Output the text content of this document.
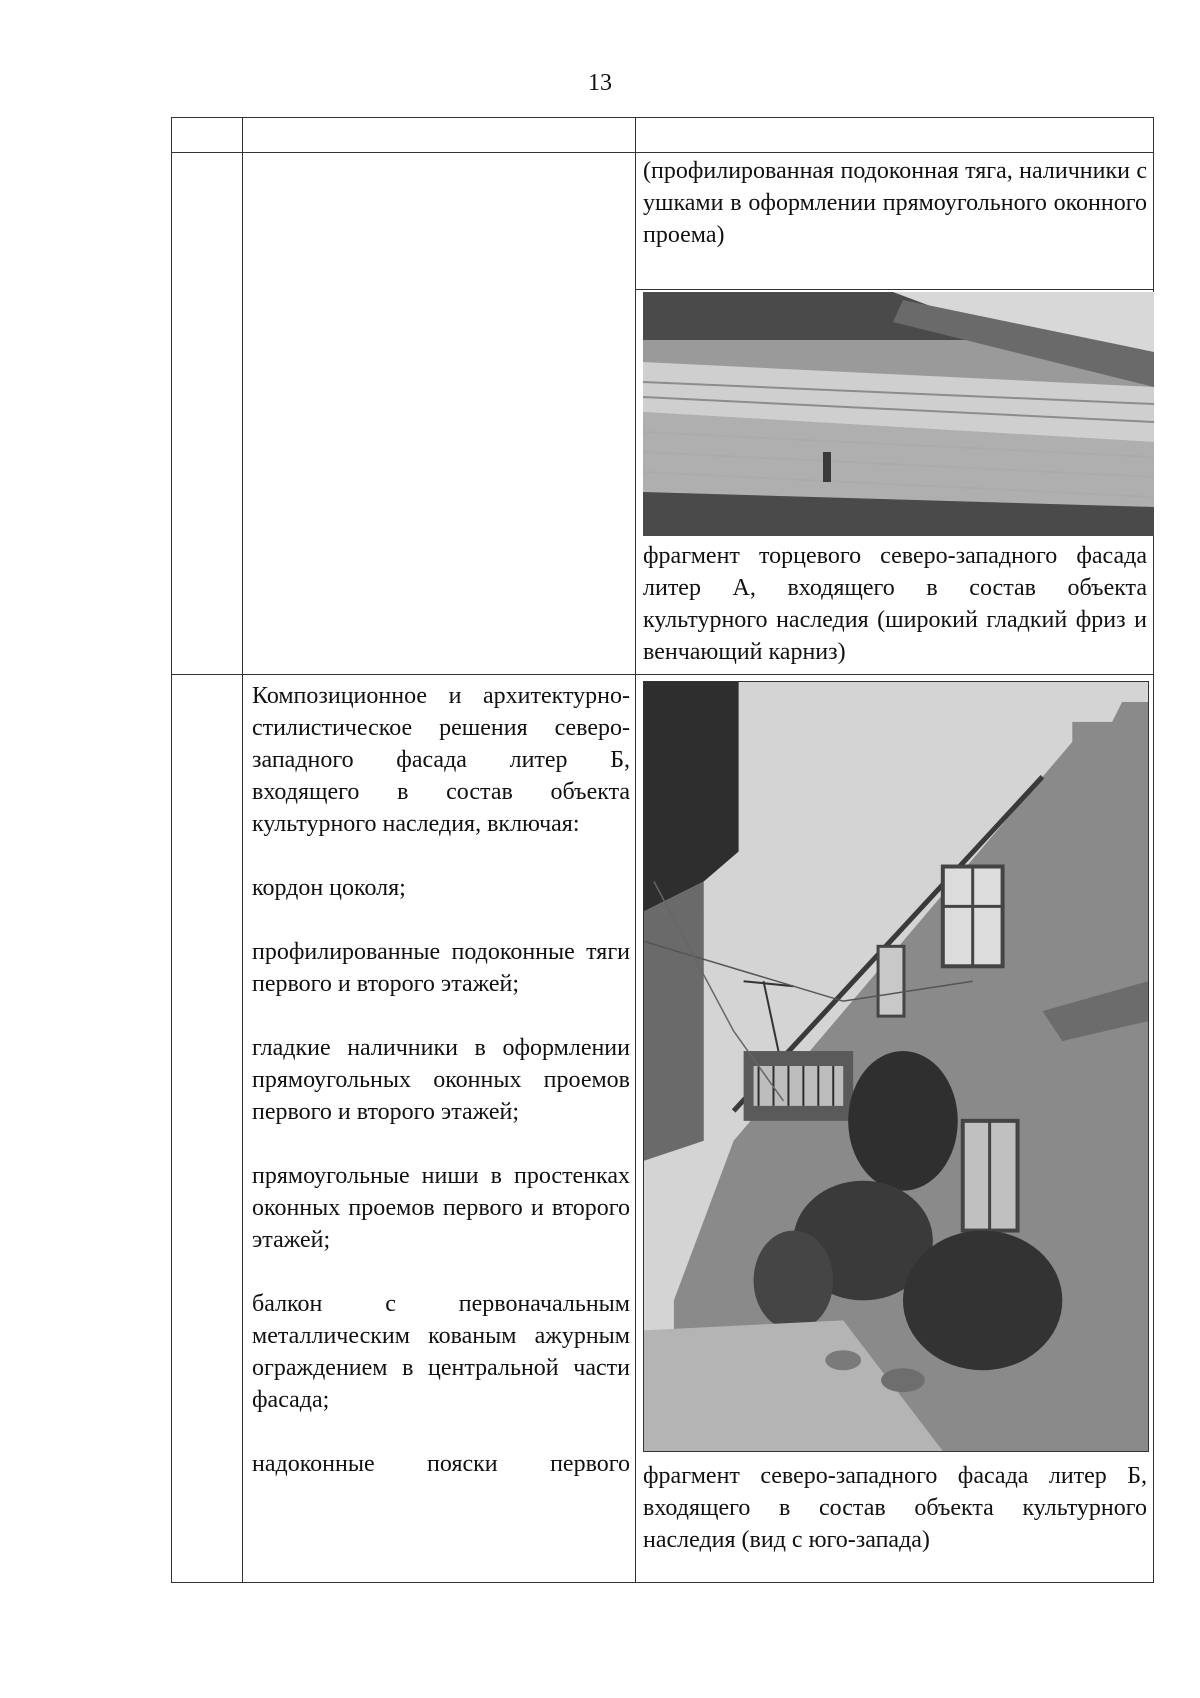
13

(профилированная подоконная тяга, наличники с ушками в оформлении прямоугольного оконного проема)

фрагмент торцевого северо-западного фасада литер А, входящего в состав объекта культурного наследия (широкий гладкий фриз и венчающий карниз)

Композиционное и архитектурно-стилистическое решения северо-западного фасада литер Б, входящего в состав объекта культурного наследия, включая:

кордон цоколя;

профилированные подоконные тяги первого и второго этажей;

гладкие наличники в оформлении прямоугольных оконных проемов первого и второго этажей;

прямоугольные ниши в простенках оконных проемов первого и второго этажей;

балкон с первоначальным металлическим кованым ажурным ограждением в центральной части фасада;

надоконные пояски первого фрагмент северо-западного фасада литер Б, входящего в состав объекта культурного наследия (вид с юго-запада)
